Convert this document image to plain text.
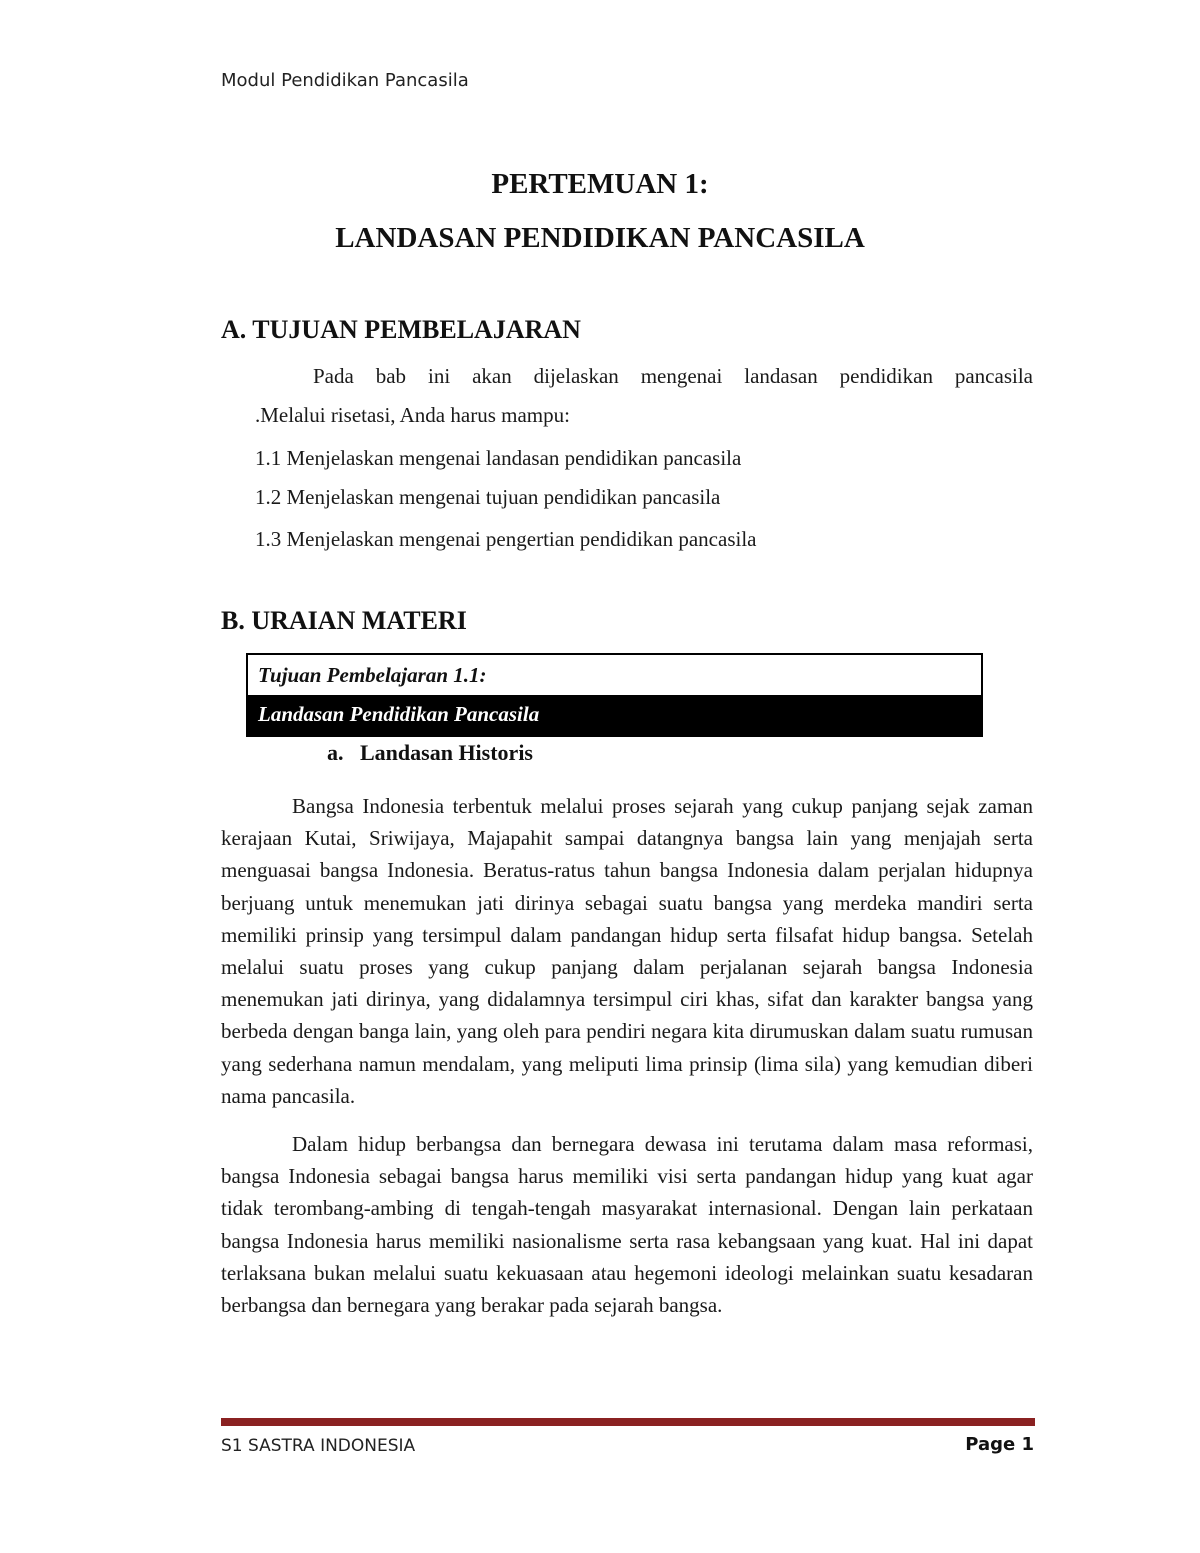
Modul Pendidikan Pancasila
PERTEMUAN 1:
LANDASAN PENDIDIKAN PANCASILA
A. TUJUAN PEMBELAJARAN
Pada bab ini akan dijelaskan mengenai landasan pendidikan pancasila
.Melalui risetasi, Anda harus mampu:
1.1 Menjelaskan mengenai landasan pendidikan pancasila
1.2 Menjelaskan mengenai tujuan pendidikan pancasila
1.3 Menjelaskan mengenai pengertian pendidikan pancasila
B. URAIAN MATERI
Tujuan Pembelajaran 1.1:
Landasan Pendidikan Pancasila
a.   Landasan Historis

Bangsa Indonesia terbentuk melalui proses sejarah yang cukup panjang sejak zaman kerajaan Kutai, Sriwijaya, Majapahit sampai datangnya bangsa lain yang menjajah serta menguasai bangsa Indonesia. Beratus-ratus tahun bangsa Indonesia dalam perjalan hidupnya berjuang untuk menemukan jati dirinya sebagai suatu bangsa yang merdeka mandiri serta memiliki prinsip yang tersimpul dalam pandangan hidup serta filsafat hidup bangsa. Setelah melalui suatu proses yang cukup panjang dalam perjalanan sejarah bangsa Indonesia menemukan jati dirinya, yang didalamnya tersimpul ciri khas, sifat dan karakter bangsa yang berbeda dengan banga lain, yang oleh para pendiri negara kita dirumuskan dalam suatu rumusan yang sederhana namun mendalam, yang meliputi lima prinsip (lima sila) yang kemudian diberi nama pancasila.

Dalam hidup berbangsa dan bernegara dewasa ini terutama dalam masa reformasi, bangsa Indonesia sebagai bangsa harus memiliki visi serta pandangan hidup yang kuat agar tidak terombang-ambing di tengah-tengah masyarakat internasional. Dengan lain perkataan bangsa Indonesia harus memiliki nasionalisme serta rasa kebangsaan yang kuat. Hal ini dapat terlaksana bukan melalui suatu kekuasaan atau hegemoni ideologi melainkan suatu kesadaran berbangsa dan bernegara yang berakar pada sejarah bangsa.

S1 SASTRA INDONESIA	Page 1
